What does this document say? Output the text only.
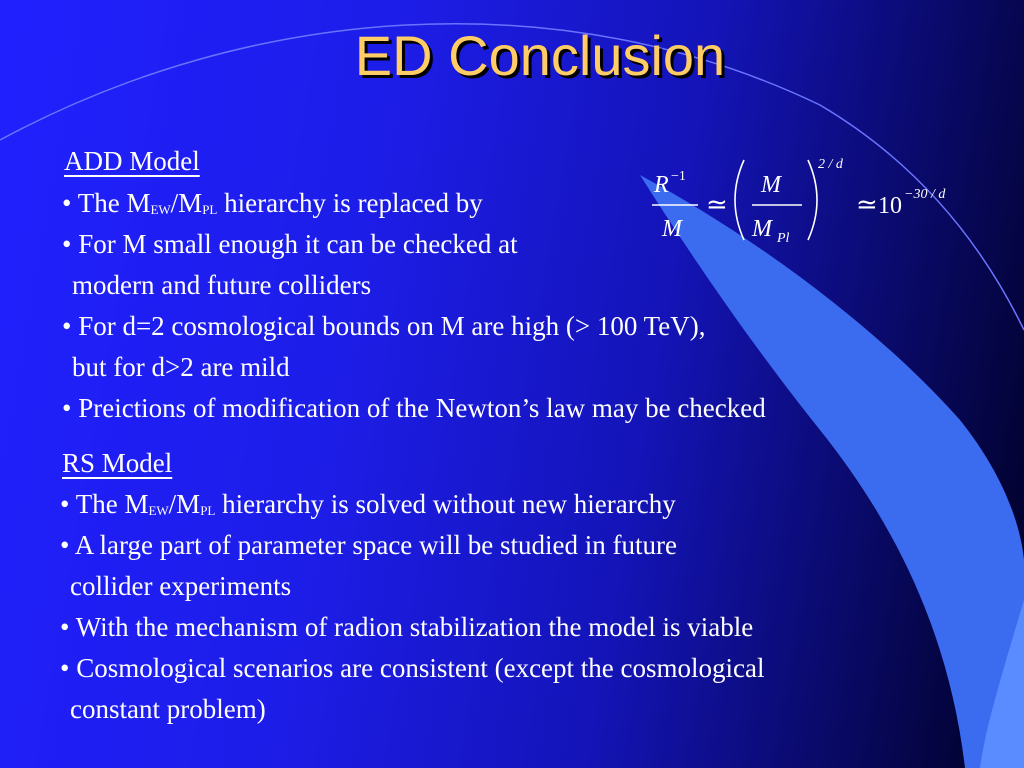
ED Conclusion
ADD Model
• The MEW/MPL hierarchy is replaced by
• For M small enough it can be checked at
modern and future colliders
• For d=2 cosmological bounds on M are high (> 100 TeV),
but for d>2 are mild
• Preictions of modification of the Newton’s law may be checked
RS Model
• The MEW/MPL hierarchy is solved without new hierarchy
• A large part of parameter space will be studied in future
collider experiments
• With the mechanism of radion stabilization the model is viable
• Cosmological scenarios are consistent (except the cosmological
constant problem)
R −1
M
≃
M
M Pl
2 / d
≃ 10 −30 / d
